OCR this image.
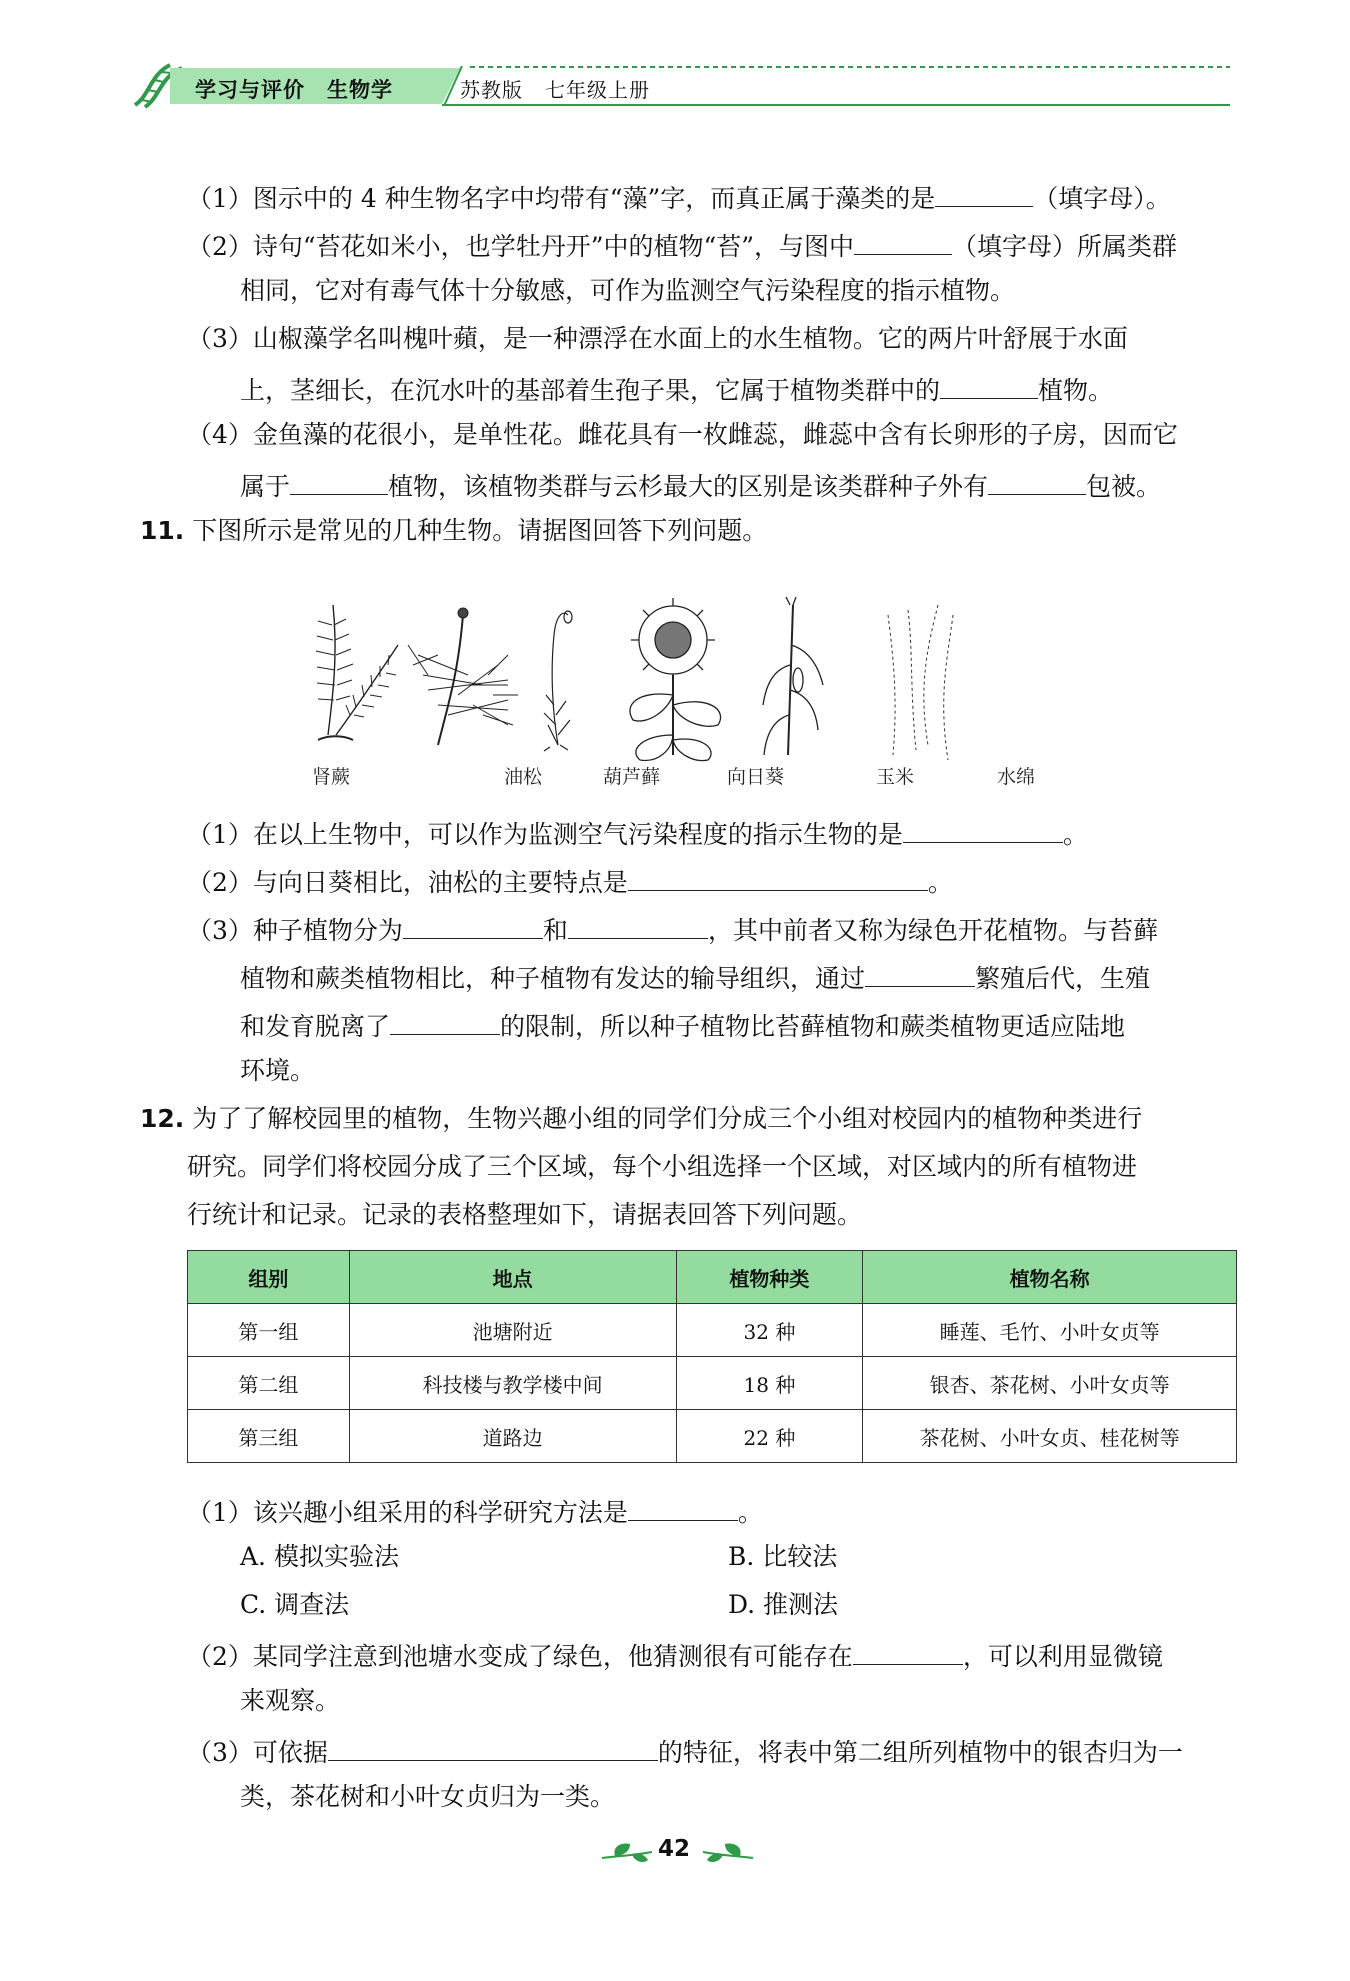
学习与评价 生物学	苏教版 七年级上册
（1）图示中的 4 种生物名字中均带有“藻”字，而真正属于藻类的是	（填字母）。
（2）诗句“苔花如米小，也学牡丹开”中的植物“苔”，与图中	（填字母）所属类群
相同，它对有毒气体十分敏感，可作为监测空气污染程度的指示植物。
（3）山椒藻学名叫槐叶蘋，是一种漂浮在水面上的水生植物。它的两片叶舒展于水面
上，茎细长，在沉水叶的基部着生孢子果，它属于植物类群中的	植物。
（4）金鱼藻的花很小，是单性花。雌花具有一枚雌蕊，雌蕊中含有长卵形的子房，因而它
属于	植物，该植物类群与云杉最大的区别是该类群种子外有	包被。
11. 下图所示是常见的几种生物。请据图回答下列问题。
肾蕨	油松	葫芦藓	向日葵	玉米	水绵
（1）在以上生物中，可以作为监测空气污染程度的指示生物的是	。
（2）与向日葵相比，油松的主要特点是	。
（3）种子植物分为	和	，其中前者又称为绿色开花植物。与苔藓
植物和蕨类植物相比，种子植物有发达的输导组织，通过	繁殖后代，生殖
和发育脱离了	的限制，所以种子植物比苔藓植物和蕨类植物更适应陆地
环境。
12. 为了了解校园里的植物，生物兴趣小组的同学们分成三个小组对校园内的植物种类进行
研究。同学们将校园分成了三个区域，每个小组选择一个区域，对区域内的所有植物进
行统计和记录。记录的表格整理如下，请据表回答下列问题。
组别	地点	植物种类	植物名称
第一组	池塘附近	32 种	睡莲、毛竹、小叶女贞等
第二组	科技楼与教学楼中间	18 种	银杏、茶花树、小叶女贞等
第三组	道路边	22 种	茶花树、小叶女贞、桂花树等
（1）该兴趣小组采用的科学研究方法是	。
A. 模拟实验法	B. 比较法
C. 调查法	D. 推测法
（2）某同学注意到池塘水变成了绿色，他猜测很有可能存在	，可以利用显微镜
来观察。
（3）可依据	的特征，将表中第二组所列植物中的银杏归为一
类，茶花树和小叶女贞归为一类。
42
